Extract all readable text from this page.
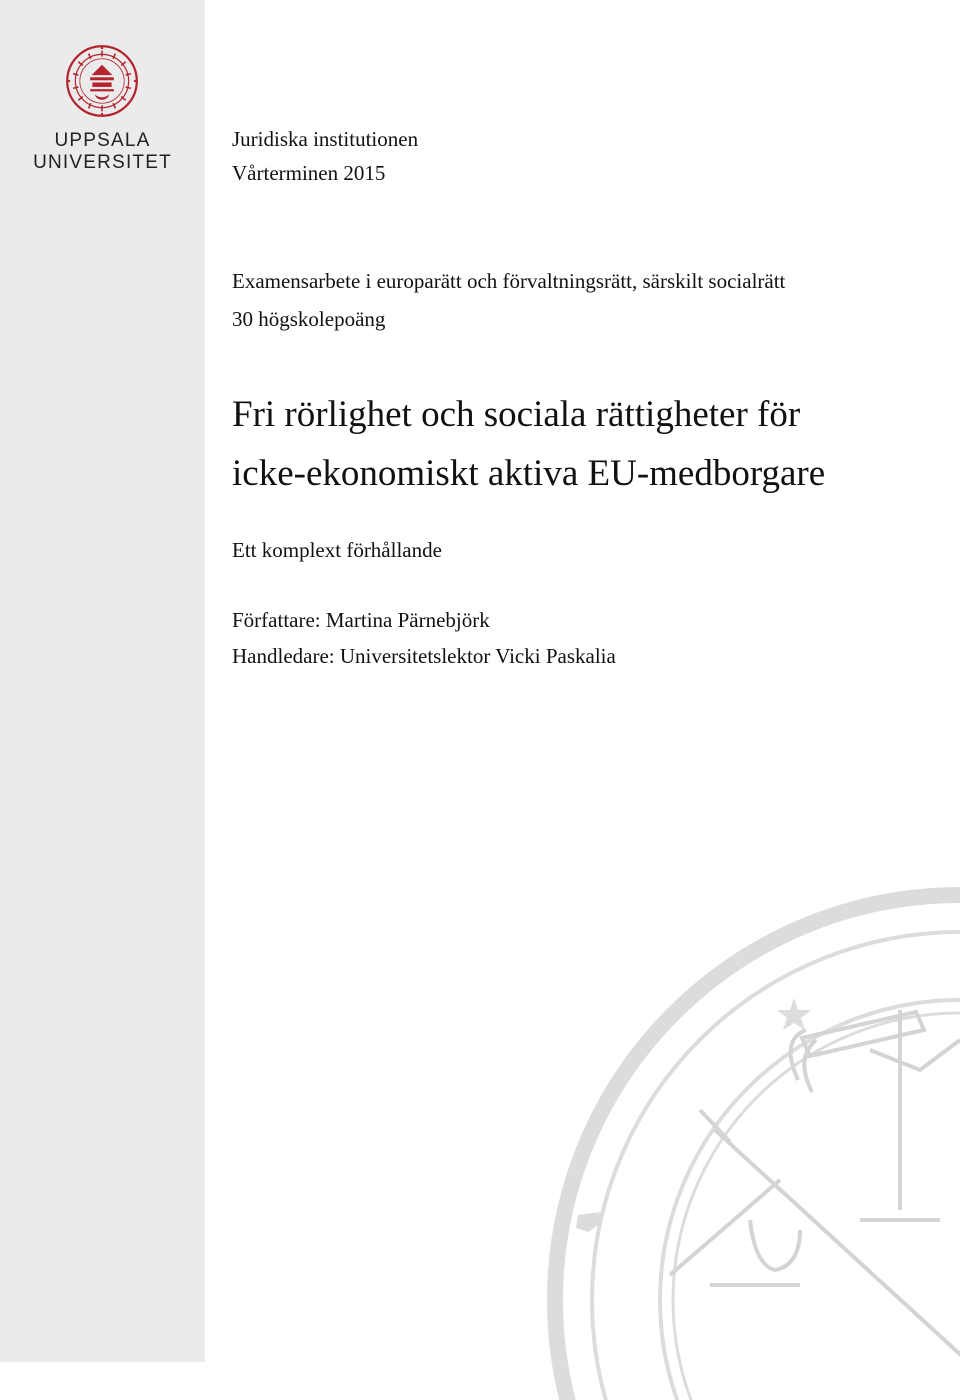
UPPSALA
UNIVERSITET

Juridiska institutionen

Vårterminen 2015

Examensarbete i europarätt och förvaltningsrätt, särskilt socialrätt

30 högskolepoäng

Fri rörlighet och sociala rättigheter för
icke-ekonomiskt aktiva EU-medborgare

Ett komplext förhållande

Författare: Martina Pärnebjörk

Handledare: Universitetslektor Vicki Paskalia
